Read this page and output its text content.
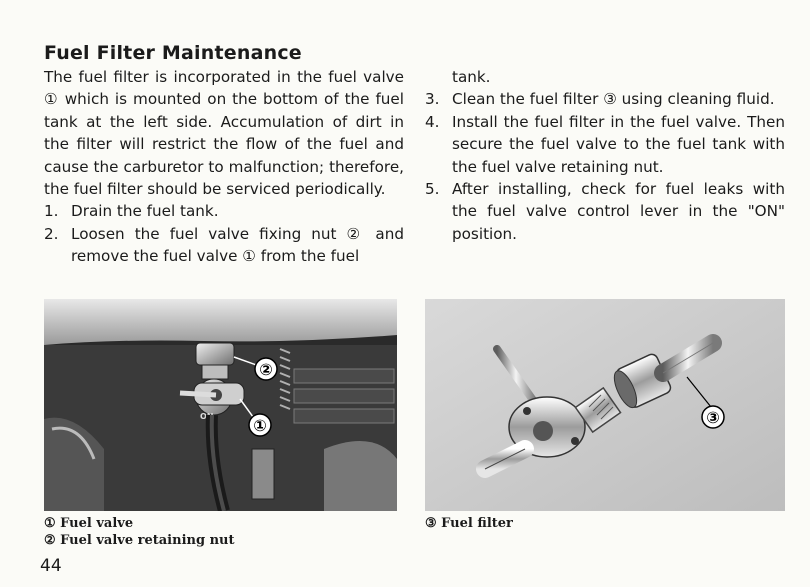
Fuel Filter Maintenance

The fuel filter is incorporated in the fuel valve ① which is mounted on the bottom of the fuel tank at the left side. Accumulation of dirt in the filter will restrict the flow of the fuel and cause the carburetor to malfunction; therefore, the fuel filter should be serviced periodically.

1. Drain the fuel tank.
2. Loosen the fuel valve fixing nut ② and remove the fuel valve ① from the fuel

tank.

3. Clean the fuel filter ③ using cleaning fluid.
4. Install the fuel filter in the fuel valve. Then secure the fuel valve to the fuel tank with the fuel valve retaining nut.
5. After installing, check for fuel leaks with the fuel valve control lever in the "ON" position.
ON
②
①	③
① Fuel valve
② Fuel valve retaining nut
③ Fuel filter
44
